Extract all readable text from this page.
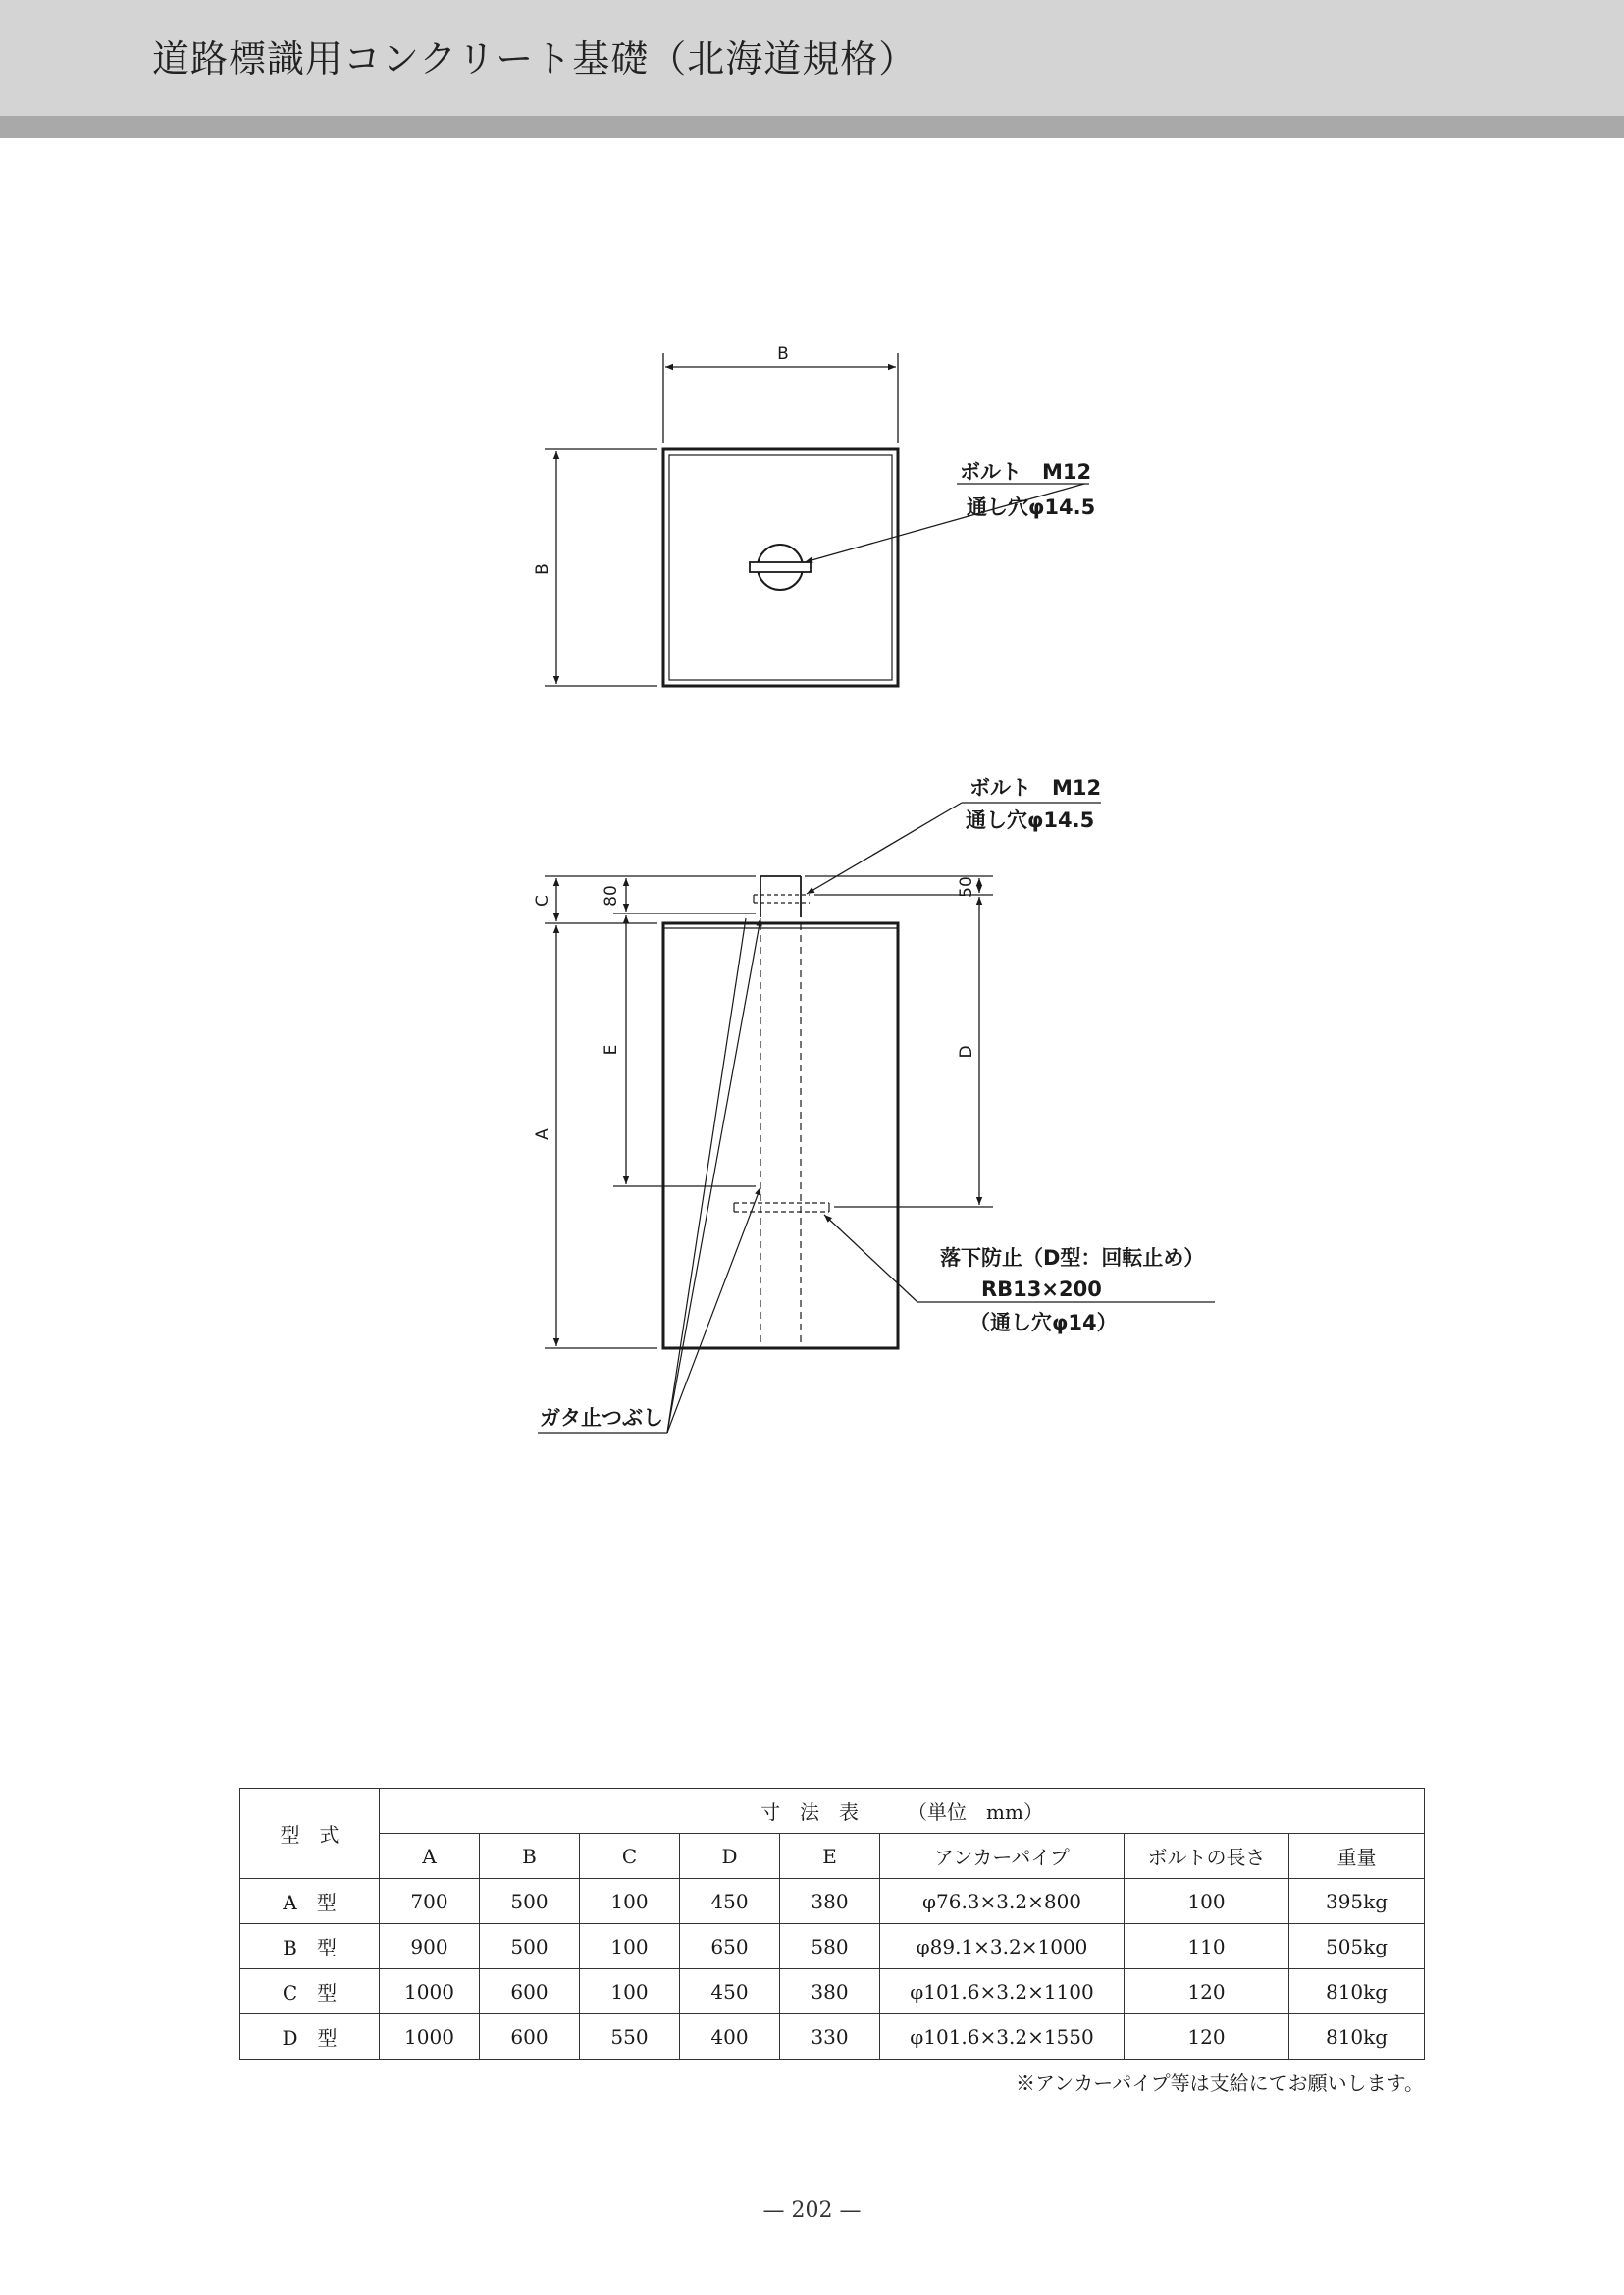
道路標識用コンクリート基礎（北海道規格）
B
B
ボルト　M12
通し穴φ14.5
C
A
80
E
50
D
ボルト　M12
通し穴φ14.5
落下防止（D型：回転止め）
RB13×200
（通し穴φ14）
ガタ止つぶし
型　式	寸　法　表　　　（単位　mm）							
	A	B	C	D	E	アンカーパイプ	ボルトの長さ	重量
A　型	700	500	100	450	380	φ76.3×3.2×800	100	395kg
B　型	900	500	100	650	580	φ89.1×3.2×1000	110	505kg
C　型	1000	600	100	450	380	φ101.6×3.2×1100	120	810kg
D　型	1000	600	550	400	330	φ101.6×3.2×1550	120	810kg
※アンカーパイプ等は支給にてお願いします。
— 202 —
